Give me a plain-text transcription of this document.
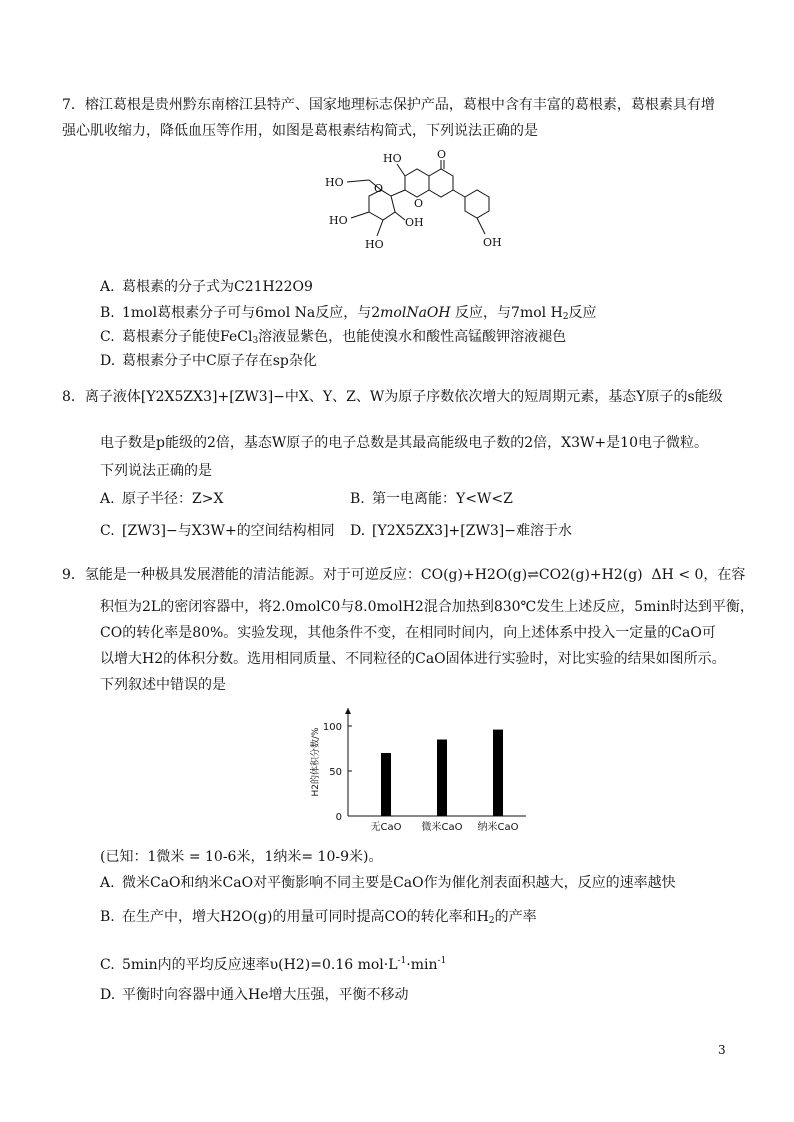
7．榕江葛根是贵州黔东南榕江县特产、国家地理标志保护产品，葛根中含有丰富的葛根素，葛根素具有增
强心肌收缩力，降低血压等作用，如图是葛根素结构简式，下列说法正确的是
HO	O
HO	O
O
HO	OH
HO	OH
A. 葛根素的分子式为C21H22O9
B. 1mol葛根素分子可与6mol Na反应，与2molNaOH 反应，与7mol $H_2$反应
C. 葛根素分子能使FeCl$_3$溶液显紫色，也能使溴水和酸性高锰酸钾溶液褪色
D. 葛根素分子中C原子存在sp杂化
8．离子液体[Y2X5ZX3]+[ZW3]−中X、Y、Z、W为原子序数依次增大的短周期元素，基态Y原子的s能级
电子数是p能级的2倍，基态W原子的电子总数是其最高能级电子数的2倍，X3W+是10电子微粒。
下列说法正确的是
A. 原子半径：Z>X	B. 第一电离能：Y<W<Z
C. [ZW3]−与X3W+的空间结构相同 D. [Y2X5ZX3]+[ZW3]−难溶于水
9．氢能是一种极具发展潜能的清洁能源。对于可逆反应：CO(g)+H2O(g)⇌CO2(g)+H2(g) ΔH < 0，在容
积恒为2L的密闭容器中，将2.0molC0与8.0molH2混合加热到830℃发生上述反应，5min时达到平衡，
CO的转化率是80%。实验发现，其他条件不变，在相同时间内，向上述体系中投入一定量的CaO可
以增大H2的体积分数。选用相同质量、不同粒径的CaO固体进行实验时，对比实验的结果如图所示。
下列叙述中错误的是
0
50
100
无CaO 微米CaO 纳米CaO
H2的体积分数/%
(已知：1微米 = 10-6米，1纳米= 10-9米)。
A. 微米CaO和纳米CaO对平衡影响不同主要是CaO作为催化剂表面积越大，反应的速率越快
B. 在生产中，增大H2O(g)的用量可同时提高CO的转化率和$H_2$的产率
C. 5min内的平均反应速率υ(H2)=0.16 $mol\cdot L^{-1}\cdot\min^{-1}$
D. 平衡时向容器中通入He增大压强，平衡不移动
3
